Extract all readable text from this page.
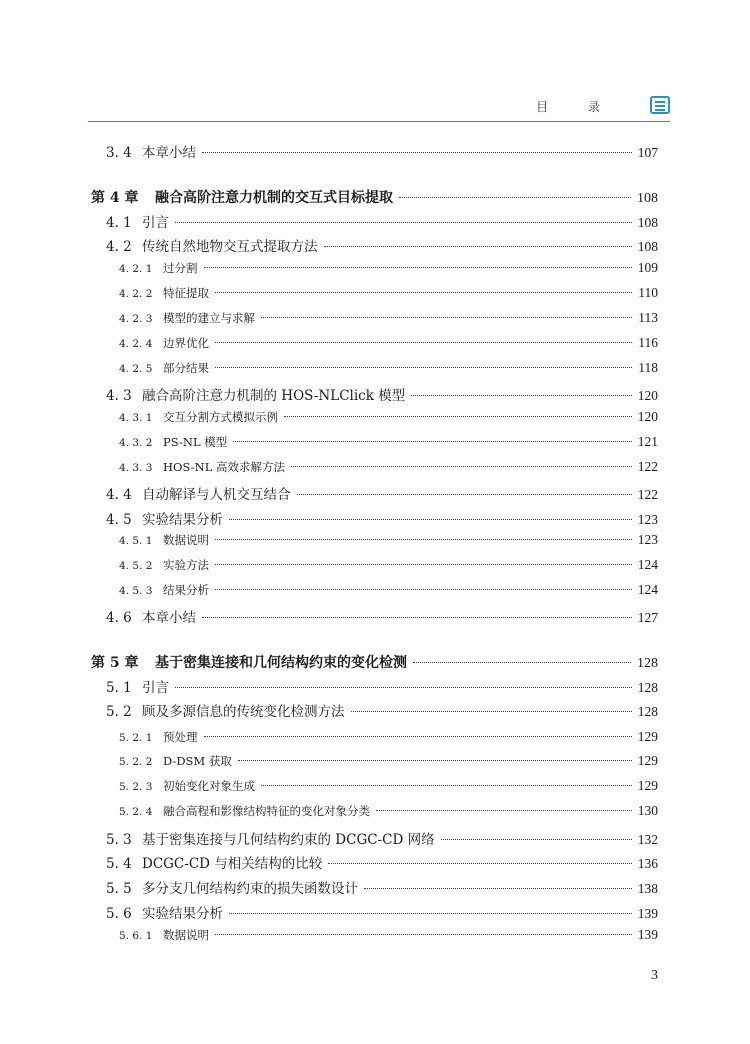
目 录
3. 4 本章小结	107
第 4 章	融合高阶注意力机制的交互式目标提取	108
4. 1 引言	108
4. 2 传统自然地物交互式提取方法	108
4. 2. 1 过分割	109
4. 2. 2 特征提取	110
4. 2. 3 模型的建立与求解	113
4. 2. 4 边界优化	116
4. 2. 5 部分结果	118
4. 3 融合高阶注意力机制的 HOS-NLClick 模型	120
4. 3. 1 交互分割方式模拟示例	120
4. 3. 2 PS-NL 模型	121
4. 3. 3 HOS-NL 高效求解方法	122
4. 4 自动解译与人机交互结合	122
4. 5 实验结果分析	123
4. 5. 1 数据说明	123
4. 5. 2 实验方法	124
4. 5. 3 结果分析	124
4. 6 本章小结	127
第 5 章	基于密集连接和几何结构约束的变化检测	128
5. 1 引言	128
5. 2 顾及多源信息的传统变化检测方法	128
5. 2. 1 预处理	129
5. 2. 2 D-DSM 获取	129
5. 2. 3 初始变化对象生成	129
5. 2. 4 融合高程和影像结构特征的变化对象分类	130
5. 3 基于密集连接与几何结构约束的 DCGC-CD 网络	132
5. 4 DCGC-CD 与相关结构的比较	136
5. 5 多分支几何结构约束的损失函数设计	138
5. 6 实验结果分析	139
5. 6. 1 数据说明	139
3
